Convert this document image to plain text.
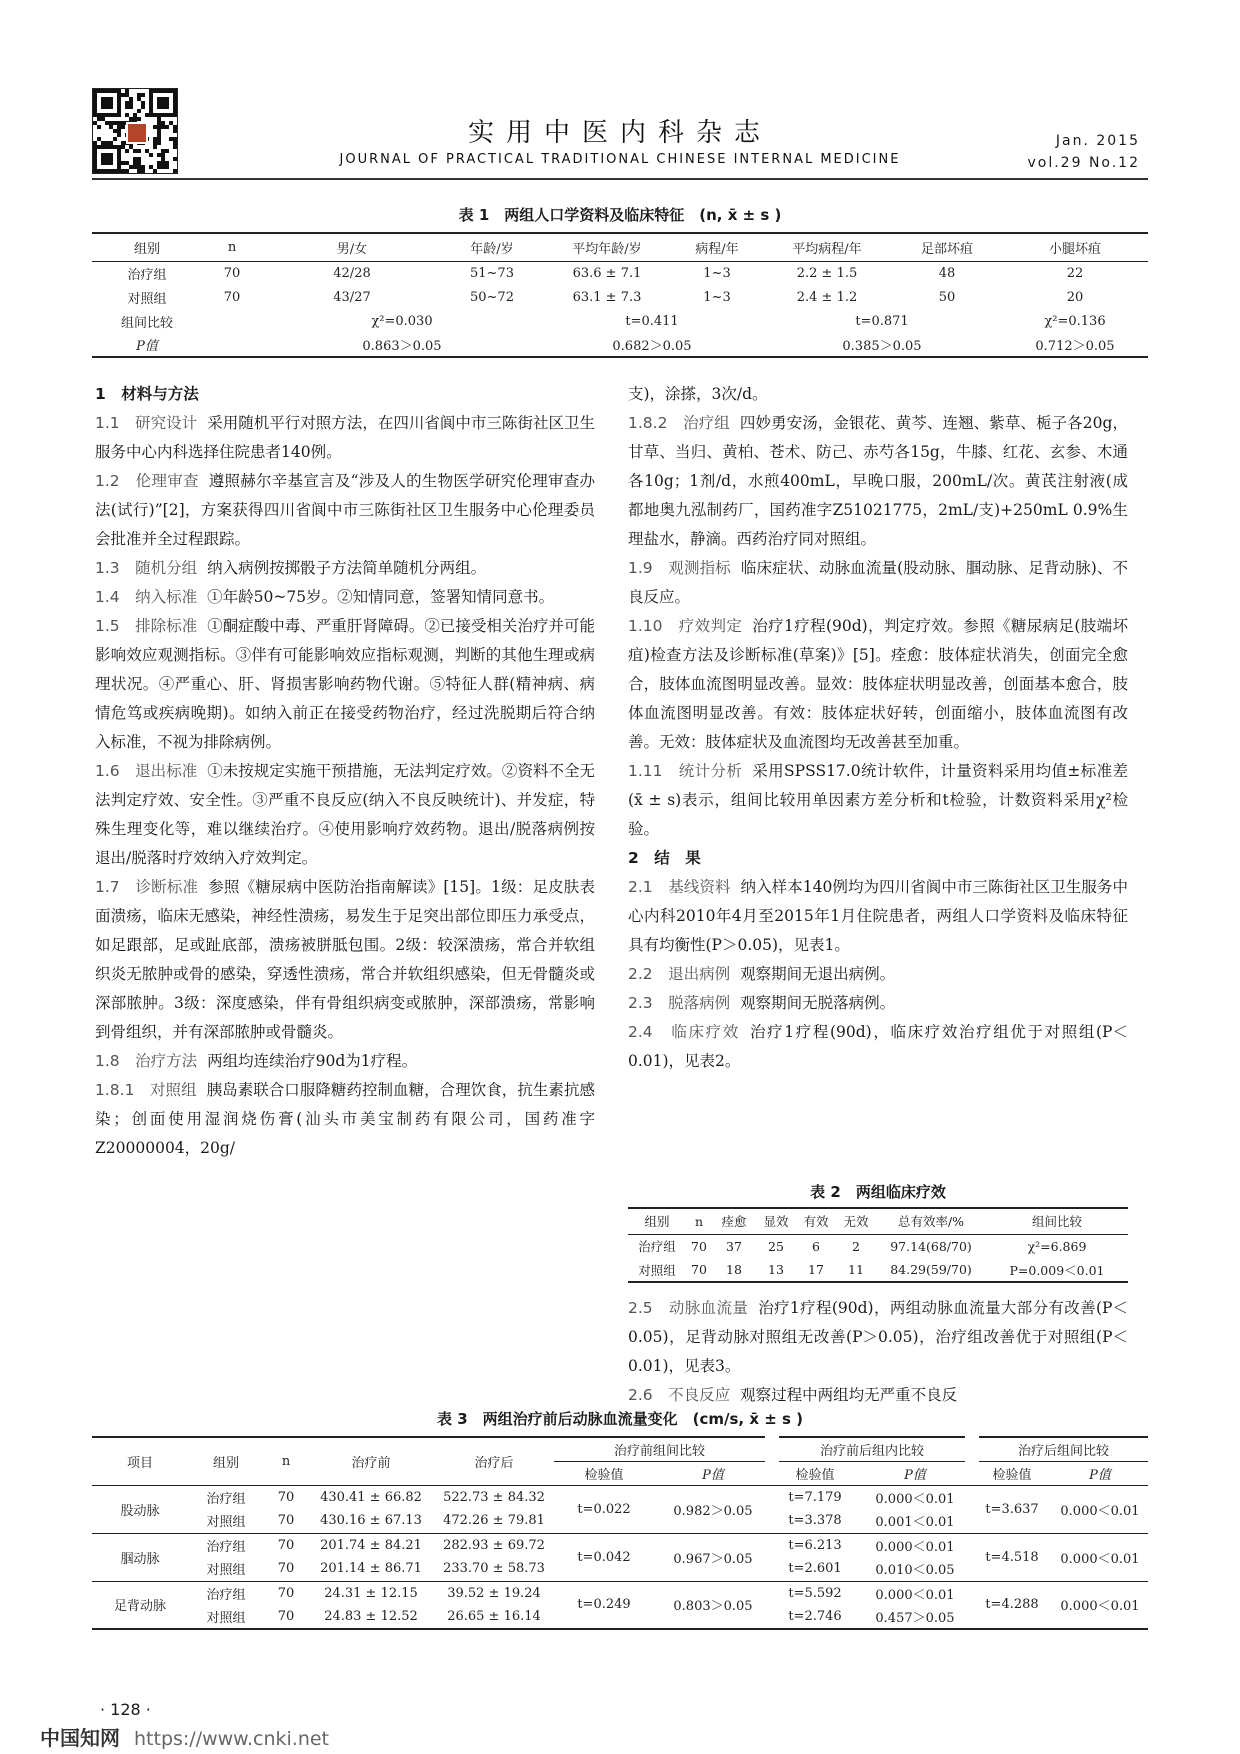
实用中医内科杂志
JOURNAL OF PRACTICAL TRADITIONAL CHINESE INTERNAL MEDICINE
Jan. 2015
vol.29 No.12
表 1　两组人口学资料及临床特征　(n, x̄ ± s )
组别	n	男/女	年龄/岁	平均年龄/岁	病程/年	平均病程/年	足部坏疽	小腿坏疽
治疗组	70	42/28	51~73	63.6 ± 7.1	1~3	2.2 ± 1.5	48	22
对照组	70	43/27	50~72	63.1 ± 7.3	1~3	2.4 ± 1.2	50	20
组间比较		χ²=0.030		t=0.411		t=0.871		χ²=0.136
P值		0.863＞0.05		0.682＞0.05		0.385＞0.05		0.712＞0.05

1　材料与方法

1.1　研究设计 采用随机平行对照方法，在四川省阆中市三陈街社区卫生服务中心内科选择住院患者140例。

1.2　伦理审查 遵照赫尔辛基宣言及“涉及人的生物医学研究伦理审查办法(试行)”[2]，方案获得四川省阆中市三陈街社区卫生服务中心伦理委员会批准并全过程跟踪。

1.3　随机分组 纳入病例按掷骰子方法简单随机分两组。

1.4　纳入标准 ①年龄50~75岁。②知情同意，签署知情同意书。

1.5　排除标准 ①酮症酸中毒、严重肝肾障碍。②已接受相关治疗并可能影响效应观测指标。③伴有可能影响效应指标观测，判断的其他生理或病理状况。④严重心、肝、肾损害影响药物代谢。⑤特征人群(精神病、病情危笃或疾病晚期)。如纳入前正在接受药物治疗，经过洗脱期后符合纳入标准，不视为排除病例。

1.6　退出标准 ①未按规定实施干预措施，无法判定疗效。②资料不全无法判定疗效、安全性。③严重不良反应(纳入不良反映统计)、并发症，特殊生理变化等，难以继续治疗。④使用影响疗效药物。退出/脱落病例按退出/脱落时疗效纳入疗效判定。

1.7　诊断标准 参照《糖尿病中医防治指南解读》[15]。1级：足皮肤表面溃疡，临床无感染，神经性溃疡，易发生于足突出部位即压力承受点，如足跟部，足或趾底部，溃疡被胼胝包围。2级：较深溃疡，常合并软组织炎无脓肿或骨的感染，穿透性溃疡，常合并软组织感染，但无骨髓炎或深部脓肿。3级：深度感染，伴有骨组织病变或脓肿，深部溃疡，常影响到骨组织，并有深部脓肿或骨髓炎。

1.8　治疗方法 两组均连续治疗90d为1疗程。

1.8.1　对照组 胰岛素联合口服降糖药控制血糖，合理饮食，抗生素抗感染；创面使用湿润烧伤膏(汕头市美宝制药有限公司，国药准字Z20000004，20g/

支)，涂搽，3次/d。

1.8.2　治疗组 四妙勇安汤，金银花、黄芩、连翘、紫草、栀子各20g，甘草、当归、黄柏、苍术、防己、赤芍各15g，牛膝、红花、玄参、木通各10g；1剂/d，水煎400mL，早晚口服，200mL/次。黄芪注射液(成都地奥九泓制药厂，国药准字Z51021775，2mL/支)+250mL 0.9%生理盐水，静滴。西药治疗同对照组。

1.9　观测指标 临床症状、动脉血流量(股动脉、腘动脉、足背动脉)、不良反应。

1.10　疗效判定 治疗1疗程(90d)，判定疗效。参照《糖尿病足(肢端坏疽)检查方法及诊断标准(草案)》[5]。痊愈：肢体症状消失，创面完全愈合，肢体血流图明显改善。显效：肢体症状明显改善，创面基本愈合，肢体血流图明显改善。有效：肢体症状好转，创面缩小，肢体血流图有改善。无效：肢体症状及血流图均无改善甚至加重。

1.11　统计分析 采用SPSS17.0统计软件，计量资料采用均值±标准差(x̄ ± s)表示，组间比较用单因素方差分析和t检验，计数资料采用χ²检验。

2　结　果

2.1　基线资料 纳入样本140例均为四川省阆中市三陈街社区卫生服务中心内科2010年4月至2015年1月住院患者，两组人口学资料及临床特征具有均衡性(P＞0.05)，见表1。

2.2　退出病例 观察期间无退出病例。

2.3　脱落病例 观察期间无脱落病例。

2.4　临床疗效 治疗1疗程(90d)，临床疗效治疗组优于对照组(P＜0.01)，见表2。

表 2　两组临床疗效
组别	n	痊愈	显效	有效	无效	总有效率/%	组间比较
治疗组	70	37	25	6	2	97.14(68/70)	χ²=6.869
对照组	70	18	13	17	11	84.29(59/70)	P=0.009＜0.01

2.5　动脉血流量 治疗1疗程(90d)，两组动脉血流量大部分有改善(P＜0.05)，足背动脉对照组无改善(P＞0.05)，治疗组改善优于对照组(P＜0.01)，见表3。

2.6　不良反应 观察过程中两组均无严重不良反

表 3　两组治疗前后动脉血流量变化　(cm/s, x̄ ± s )
项目	组别	n	治疗前	治疗后	治疗前组间比较		治疗前后组内比较		治疗后组间比较	
					检验值	P值	检验值	P值	检验值	P值
股动脉	治疗组	70	430.41 ± 66.82	522.73 ± 84.32	t=0.022	0.982＞0.05	t=7.179	0.000＜0.01	t=3.637	0.000＜0.01
	对照组	70	430.16 ± 67.13	472.26 ± 79.81			t=3.378	0.001＜0.01		
腘动脉	治疗组	70	201.74 ± 84.21	282.93 ± 69.72	t=0.042	0.967＞0.05	t=6.213	0.000＜0.01	t=4.518	0.000＜0.01
	对照组	70	201.14 ± 86.71	233.70 ± 58.73			t=2.601	0.010＜0.05		
足背动脉	治疗组	70	24.31 ± 12.15	39.52 ± 19.24	t=0.249	0.803＞0.05	t=5.592	0.000＜0.01	t=4.288	0.000＜0.01
	对照组	70	24.83 ± 12.52	26.65 ± 16.14			t=2.746	0.457＞0.05		
· 128 ·
中国知网 https://www.cnki.net
